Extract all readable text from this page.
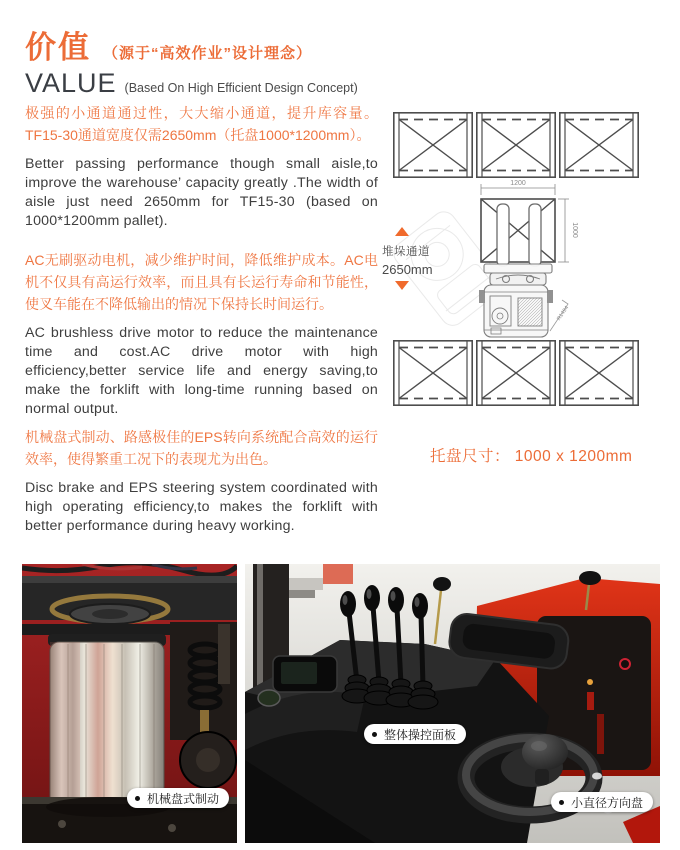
价值 （源于“高效作业”设计理念）
VALUE (Based On High Efficient Design Concept)

极强的小通道通过性，大大缩小通道，提升库容量。TF15-30通道宽度仅需2650mm（托盘1000*1200mm）。

Better passing performance though small aisle,to improve the warehouse’ capacity greatly .The width of aisle just need 2650mm for TF15-30 (based on 1000*1200mm pallet).

AC无刷驱动电机，减少维护时间，降低维护成本。AC电机不仅具有高运行效率，而且具有长运行寿命和节能性，使叉车能在不降低输出的情况下保持长时间运行。

AC brushless drive motor to reduce the maintenance time and cost.AC drive motor with high efficiency,better service life and energy saving,to make the forklift with long-time running based on normal output.

机械盘式制动、路感极佳的EPS转向系统配合高效的运行效率，使得繁重工况下的表现尤为出色。

Disc brake and EPS steering system coordinated with high operating efficiency,to makes the forklift with better performance during heavy working.

1200
1000
R1494
堆垛通道
2650mm
托盘尺寸： 1000 x 1200mm
机械盘式制动
整体操控面板
小直径方向盘
